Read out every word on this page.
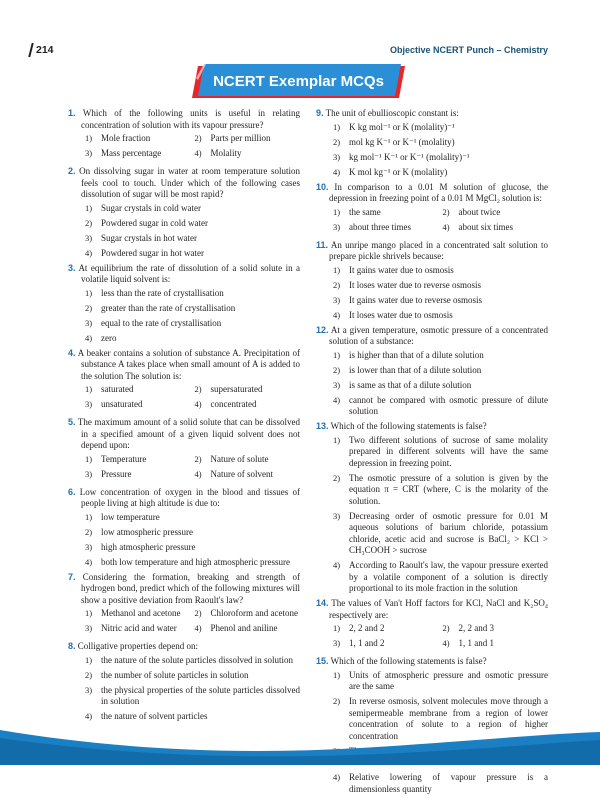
214	Objective NCERT Punch – Chemistry
NCERT Exemplar MCQs
1. Which of the following units is useful in relating concentration of solution with its vapour pressure?
1) Mole fraction	2) Parts per million
3) Mass percentage	4) Molality
2. On dissolving sugar in water at room temperature solution feels cool to touch. Under which of the following cases dissolution of sugar will be most rapid?
1) Sugar crystals in cold water
2) Powdered sugar in cold water
3) Sugar crystals in hot water
4) Powdered sugar in hot water
3. At equilibrium the rate of dissolution of a solid solute in a volatile liquid solvent is:
1) less than the rate of crystallisation
2) greater than the rate of crystallisation
3) equal to the rate of crystallisation
4) zero
4. A beaker contains a solution of substance A. Precipitation of substance A takes place when small amount of A is added to the solution The solution is:
1) saturated	2) supersaturated
3) unsaturated	4) concentrated
5. The maximum amount of a solid solute that can be dissolved in a specified amount of a given liquid solvent does not depend upon:
1) Temperature	2) Nature of solute
3) Pressure	4) Nature of solvent
6. Low concentration of oxygen in the blood and tissues of people living at high altitude is due to:
1) low temperature
2) low atmospheric pressure
3) high atmospheric pressure
4) both low temperature and high atmospheric pressure
7. Considering the formation, breaking and strength of hydrogen bond, predict which of the following mixtures will show a positive deviation from Raoult's law?
1) Methanol and acetone	2) Chloroform and acetone
3) Nitric acid and water	4) Phenol and aniline
8. Colligative properties depend on:
1) the nature of the solute particles dissolved in solution
2) the number of solute particles in solution
3) the physical properties of the solute particles dissolved in solution
4) the nature of solvent particles
9. The unit of ebullioscopic constant is:
1) K kg mol⁻¹ or K (molality)⁻¹
2) mol kg K⁻¹ or K⁻¹ (molality)
3) kg mol⁻¹ K⁻¹ or K⁻¹ (molality)⁻¹
4) K mol kg⁻¹ or K (molality)
10. In comparison to a 0.01 M solution of glucose, the depression in freezing point of a 0.01 M MgCl₂ solution is:
1) the same	2) about twice
3) about three times	4) about six times
11. An unripe mango placed in a concentrated salt solution to prepare pickle shrivels because:
1) It gains water due to osmosis
2) It loses water due to reverse osmosis
3) It gains water due to reverse osmosis
4) It loses water due to osmosis
12. At a given temperature, osmotic pressure of a concentrated solution of a substance:
1) is higher than that of a dilute solution
2) is lower than that of a dilute solution
3) is same as that of a dilute solution
4) cannot be compared with osmotic pressure of dilute solution
13. Which of the following statements is false?
1) Two different solutions of sucrose of same molality prepared in different solvents will have the same depression in freezing point.
2) The osmotic pressure of a solution is given by the equation π = CRT (where, C is the molarity of the solution.
3) Decreasing order of osmotic pressure for 0.01 M aqueous solutions of barium chloride, potassium chloride, acetic acid and sucrose is BaCl₂ > KCl > CH₃COOH > sucrose
4) According to Raoult's law, the vapour pressure exerted by a volatile component of a solution is directly proportional to its mole fraction in the solution
14. The values of Van't Hoff factors for KCl, NaCl and K₂SO₄ respectively are:
1) 2, 2 and 2	2) 2, 2 and 3
3) 1, 1 and 2	4) 1, 1 and 1
15. Which of the following statements is false?
1) Units of atmospheric pressure and osmotic pressure are the same
2) In reverse osmosis, solvent molecules move through a semipermeable membrane from a region of lower concentration of solute to a region of higher concentration
4) Relative lowering of vapour pressure is a dimensionless quantity
